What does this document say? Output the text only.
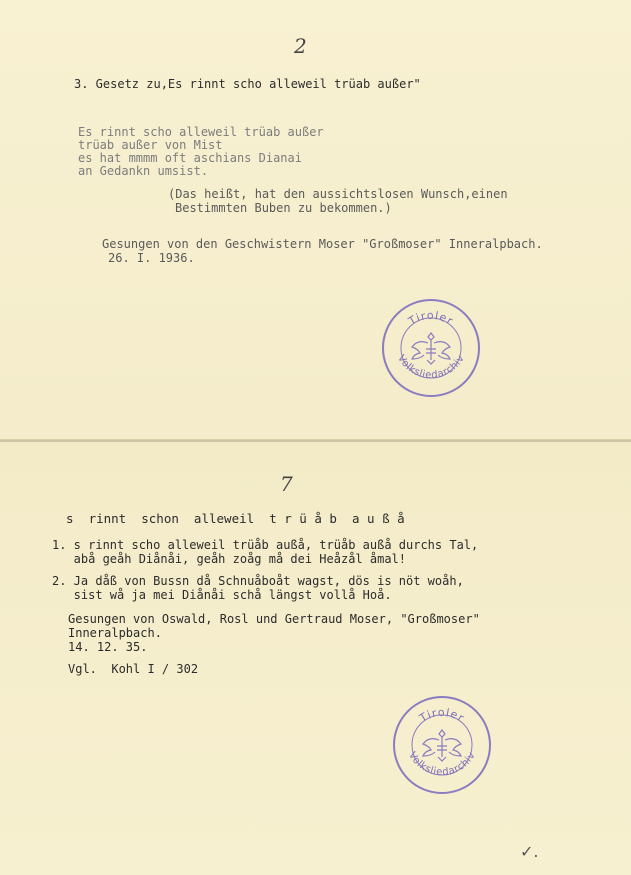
2
3. Gesetz zu,Es rinnt scho alleweil trüab außer"
Es rinnt scho alleweil trüab außer
trüab außer von Mist
es hat mmmm oft aschians Dianai
an Gedankn umsist.
(Das heißt, hat den aussichtslosen Wunsch,einen
Bestimmten Buben zu bekommen.)
Gesungen von den Geschwistern Moser "Großmoser" Inneralpbach.
26. I. 1936.
Tiroler
Volksliedarchiv
7
s  rinnt  schon  alleweil  t r ü å b  a u ß å
1. s rinnt scho alleweil trüåb außå, trüåb außå durchs Tal,
abå geåh Diånåi, geåh zoåg må dei Heåzål åmal!
2. Ja dåß von Bussn då Schnuåboåt wagst, dös is nöt woåh,
sist wå ja mei Diånåi schå längst vollå Hoå.
Gesungen von Oswald, Rosl und Gertraud Moser, "Großmoser"
Inneralpbach.
14. 12. 35.
Vgl.  Kohl I / 302
Tiroler
Volksliedarchiv
✓.
